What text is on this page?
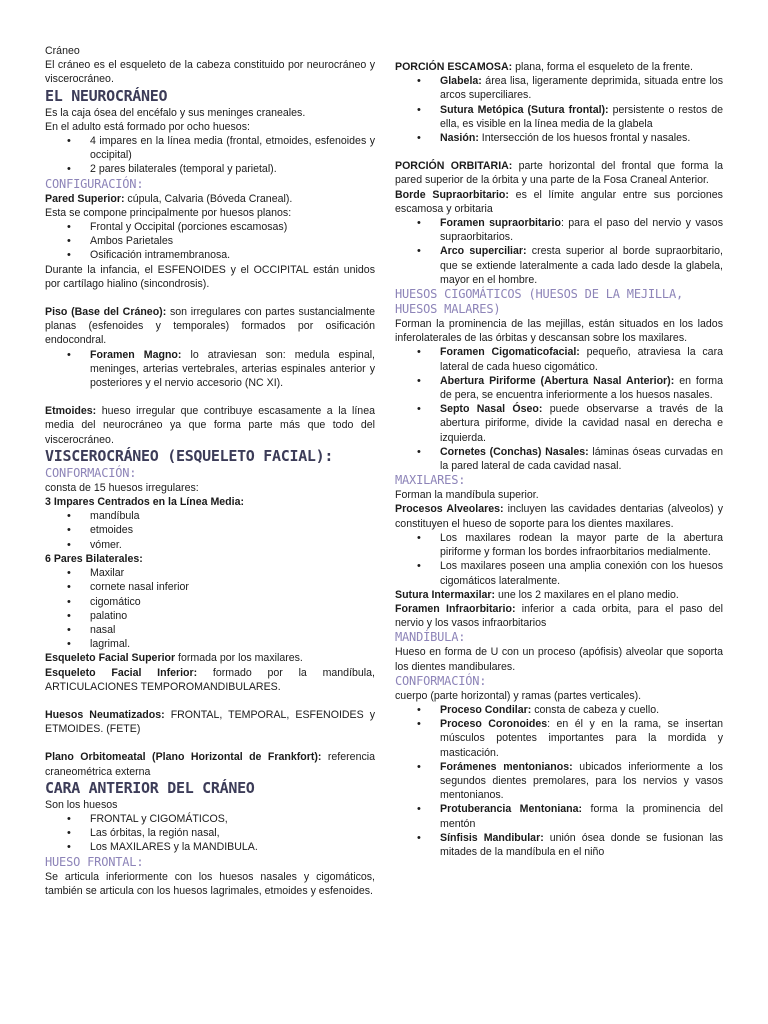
Cráneo

El cráneo es el esqueleto de la cabeza constituido por neurocráneo y viscerocráneo.

EL NEUROCRÁNEO

Es la caja ósea del encéfalo y sus meninges craneales.

En el adulto está formado por ocho huesos:

• 4 impares en la línea media (frontal, etmoides, esfenoides y occipital)
• 2 pares bilaterales (temporal y parietal).
CONFIGURACIÓN:

Pared Superior: cúpula, Calvaria (Bóveda Craneal).

Esta se compone principalmente por huesos planos:

• Frontal y Occipital (porciones escamosas)
• Ambos Parietales
• Osificación intramembranosa.

Durante la infancia, el ESFENOIDES y el OCCIPITAL están unidos por cartílago hialino (sincondrosis).

Piso (Base del Cráneo): son irregulares con partes sustancialmente planas (esfenoides y temporales) formados por osificación endocondral.

• Foramen Magno: lo atraviesan son: medula espinal, meninges, arterias vertebrales, arterias espinales anterior y posteriores y el nervio accesorio (NC XI).

Etmoides: hueso irregular que contribuye escasamente a la línea media del neurocráneo ya que forma parte más que todo del viscerocráneo.

VISCEROCRÁNEO (ESQUELETO FACIAL):
CONFORMACIÓN:

consta de 15 huesos irregulares:

3 Impares Centrados en la Línea Media:

• mandíbula
• etmoides
• vómer.

6 Pares Bilaterales:

• Maxilar
• cornete nasal inferior
• cigomático
• palatino
• nasal
• lagrimal.

Esqueleto Facial Superior formada por los maxilares.

Esqueleto Facial Inferior: formado por la mandíbula, ARTICULACIONES TEMPOROMANDIBULARES.

Huesos Neumatizados: FRONTAL, TEMPORAL, ESFENOIDES y ETMOIDES. (FETE)

Plano Orbitomeatal (Plano Horizontal de Frankfort): referencia craneométrica externa

CARA ANTERIOR DEL CRÁNEO

Son los huesos

• FRONTAL y CIGOMÁTICOS,
• Las órbitas, la región nasal,
• Los MAXILARES y la MANDIBULA.
HUESO FRONTAL:

Se articula inferiormente con los huesos nasales y cigomáticos, también se articula con los huesos lagrimales, etmoides y esfenoides.

PORCIÓN ESCAMOSA: plana, forma el esqueleto de la frente.

• Glabela: área lisa, ligeramente deprimida, situada entre los arcos superciliares.
• Sutura Metópica (Sutura frontal): persistente o restos de ella, es visible en la línea media de la glabela
• Nasión: Intersección de los huesos frontal y nasales.

PORCIÓN ORBITARIA: parte horizontal del frontal que forma la pared superior de la órbita y una parte de la Fosa Craneal Anterior.

Borde Supraorbitario: es el límite angular entre sus porciones escamosa y orbitaria

• Foramen supraorbitario: para el paso del nervio y vasos supraorbitarios.
• Arco superciliar: cresta superior al borde supraorbitario, que se extiende lateralmente a cada lado desde la glabela, mayor en el hombre.
HUESOS CIGOMÁTICOS (HUESOS DE LA MEJILLA, HUESOS MALARES)

Forman la prominencia de las mejillas, están situados en los lados inferolaterales de las órbitas y descansan sobre los maxilares.

• Foramen Cigomaticofacial: pequeño, atraviesa la cara lateral de cada hueso cigomático.
• Abertura Piriforme (Abertura Nasal Anterior): en forma de pera, se encuentra inferiormente a los huesos nasales.
• Septo Nasal Óseo: puede observarse a través de la abertura piriforme, divide la cavidad nasal en derecha e izquierda.
• Cornetes (Conchas) Nasales: láminas óseas curvadas en la pared lateral de cada cavidad nasal.
MAXILARES:

Forman la mandíbula superior.

Procesos Alveolares: incluyen las cavidades dentarias (alveolos) y constituyen el hueso de soporte para los dientes maxilares.

• Los maxilares rodean la mayor parte de la abertura piriforme y forman los bordes infraorbitarios medialmente.
• Los maxilares poseen una amplia conexión con los huesos cigomáticos lateralmente.

Sutura Intermaxilar: une los 2 maxilares en el plano medio.

Foramen Infraorbitario: inferior a cada orbita, para el paso del nervio y los vasos infraorbitarios

MANDÍBULA:

Hueso en forma de U con un proceso (apófisis) alveolar que soporta los dientes mandibulares.

CONFORMACIÓN:

cuerpo (parte horizontal) y ramas (partes verticales).

• Proceso Condilar: consta de cabeza y cuello.
• Proceso Coronoides: en él y en la rama, se insertan músculos potentes importantes para la mordida y masticación.
• Forámenes mentonianos: ubicados inferiormente a los segundos dientes premolares, para los nervios y vasos mentonianos.
• Protuberancia Mentoniana: forma la prominencia del mentón
• Sínfisis Mandibular: unión ósea donde se fusionan las mitades de la mandíbula en el niño
